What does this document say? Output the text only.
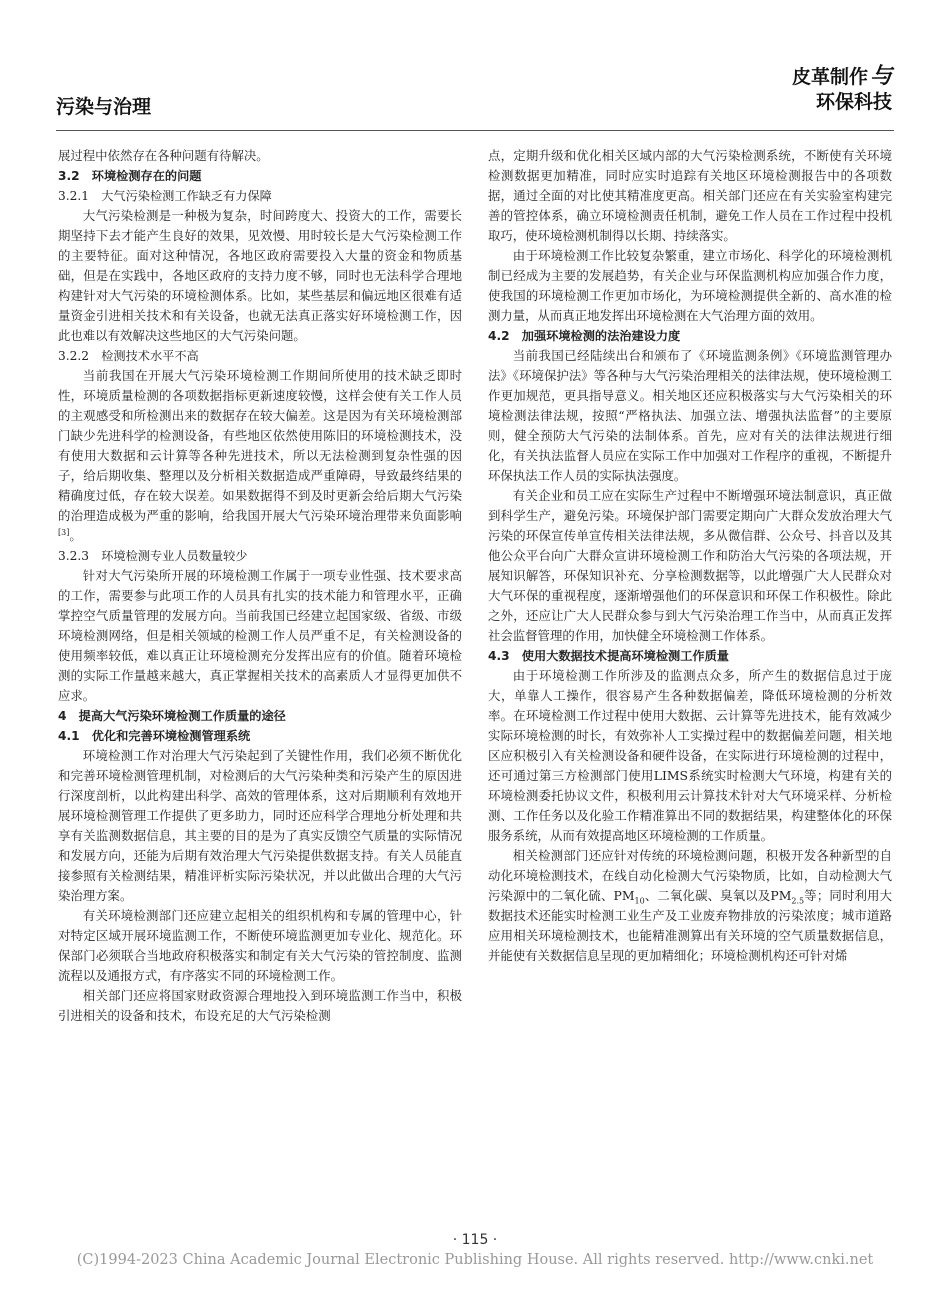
污染与治理
皮革制作与
环保科技

展过程中依然存在各种问题有待解决。

3.2　环境检测存在的问题
3.2.1　大气污染检测工作缺乏有力保障

大气污染检测是一种极为复杂，时间跨度大、投资大的工作，需要长期坚持下去才能产生良好的效果，见效慢、用时较长是大气污染检测工作的主要特征。面对这种情况，各地区政府需要投入大量的资金和物质基础，但是在实践中，各地区政府的支持力度不够，同时也无法科学合理地构建针对大气污染的环境检测体系。比如，某些基层和偏远地区很难有适量资金引进相关技术和有关设备，也就无法真正落实好环境检测工作，因此也难以有效解决这些地区的大气污染问题。

3.2.2　检测技术水平不高

当前我国在开展大气污染环境检测工作期间所使用的技术缺乏即时性，环境质量检测的各项数据指标更新速度较慢，这样会使有关工作人员的主观感受和所检测出来的数据存在较大偏差。这是因为有关环境检测部门缺少先进科学的检测设备，有些地区依然使用陈旧的环境检测技术，没有使用大数据和云计算等各种先进技术，所以无法检测到复杂性强的因子，给后期收集、整理以及分析相关数据造成严重障碍，导致最终结果的精确度过低，存在较大误差。如果数据得不到及时更新会给后期大气污染的治理造成极为严重的影响，给我国开展大气污染环境治理带来负面影响[3]。

3.2.3　环境检测专业人员数量较少

针对大气污染所开展的环境检测工作属于一项专业性强、技术要求高的工作，需要参与此项工作的人员具有扎实的技术能力和管理水平，正确掌控空气质量管理的发展方向。当前我国已经建立起国家级、省级、市级环境检测网络，但是相关领域的检测工作人员严重不足，有关检测设备的使用频率较低，难以真正让环境检测充分发挥出应有的价值。随着环境检测的实际工作量越来越大，真正掌握相关技术的高素质人才显得更加供不应求。

4　提高大气污染环境检测工作质量的途径
4.1　优化和完善环境检测管理系统

环境检测工作对治理大气污染起到了关键性作用，我们必须不断优化和完善环境检测管理机制，对检测后的大气污染种类和污染产生的原因进行深度剖析，以此构建出科学、高效的管理体系，这对后期顺利有效地开展环境检测管理工作提供了更多助力，同时还应科学合理地分析处理和共享有关监测数据信息，其主要的目的是为了真实反馈空气质量的实际情况和发展方向，还能为后期有效治理大气污染提供数据支持。有关人员能直接参照有关检测结果，精准评析实际污染状况，并以此做出合理的大气污染治理方案。

有关环境检测部门还应建立起相关的组织机构和专属的管理中心，针对特定区域开展环境监测工作，不断使环境监测更加专业化、规范化。环保部门必须联合当地政府积极落实和制定有关大气污染的管控制度、监测流程以及通报方式，有序落实不同的环境检测工作。

相关部门还应将国家财政资源合理地投入到环境监测工作当中，积极引进相关的设备和技术，布设充足的大气污染检测

点，定期升级和优化相关区域内部的大气污染检测系统，不断使有关环境检测数据更加精准，同时应实时追踪有关地区环境检测报告中的各项数据，通过全面的对比使其精准度更高。相关部门还应在有关实验室构建完善的管控体系，确立环境检测责任机制，避免工作人员在工作过程中投机取巧，使环境检测机制得以长期、持续落实。

由于环境检测工作比较复杂繁重，建立市场化、科学化的环境检测机制已经成为主要的发展趋势，有关企业与环保监测机构应加强合作力度，使我国的环境检测工作更加市场化，为环境检测提供全新的、高水准的检测力量，从而真正地发挥出环境检测在大气治理方面的效用。

4.2　加强环境检测的法治建设力度

当前我国已经陆续出台和颁布了《环境监测条例》《环境监测管理办法》《环境保护法》等各种与大气污染治理相关的法律法规，使环境检测工作更加规范，更具指导意义。相关地区还应积极落实与大气污染相关的环境检测法律法规，按照“严格执法、加强立法、增强执法监督”的主要原则，健全预防大气污染的法制体系。首先，应对有关的法律法规进行细化，有关执法监督人员应在实际工作中加强对工作程序的重视，不断提升环保执法工作人员的实际执法强度。

有关企业和员工应在实际生产过程中不断增强环境法制意识，真正做到科学生产，避免污染。环境保护部门需要定期向广大群众发放治理大气污染的环保宣传单宣传相关法律法规，多从微信群、公众号、抖音以及其他公众平台向广大群众宣讲环境检测工作和防治大气污染的各项法规，开展知识解答，环保知识补充、分享检测数据等，以此增强广大人民群众对大气环保的重视程度，逐渐增强他们的环保意识和环保工作积极性。除此之外，还应让广大人民群众参与到大气污染治理工作当中，从而真正发挥社会监督管理的作用，加快健全环境检测工作体系。

4.3　使用大数据技术提高环境检测工作质量

由于环境检测工作所涉及的监测点众多，所产生的数据信息过于庞大，单靠人工操作，很容易产生各种数据偏差，降低环境检测的分析效率。在环境检测工作过程中使用大数据、云计算等先进技术，能有效减少实际环境检测的时长，有效弥补人工实操过程中的数据偏差问题，相关地区应积极引入有关检测设备和硬件设备，在实际进行环境检测的过程中，还可通过第三方检测部门使用LIMS系统实时检测大气环境，构建有关的环境检测委托协议文件，积极利用云计算技术针对大气环境采样、分析检测、工作任务以及化验工作精准算出不同的数据结果，构建整体化的环保服务系统，从而有效提高地区环境检测的工作质量。

相关检测部门还应针对传统的环境检测问题，积极开发各种新型的自动化环境检测技术，在线自动化检测大气污染物质，比如，自动检测大气污染源中的二氧化硫、$PM_{10}$、二氧化碳、臭氧以及$PM_{2.5}$等；同时利用大数据技术还能实时检测工业生产及工业废弃物排放的污染浓度；城市道路应用相关环境检测技术，也能精准测算出有关环境的空气质量数据信息，并能使有关数据信息呈现的更加精细化；环境检测机构还可针对烯

· 115 ·
(C)1994-2023 China Academic Journal Electronic Publishing House. All rights reserved. http://www.cnki.net
